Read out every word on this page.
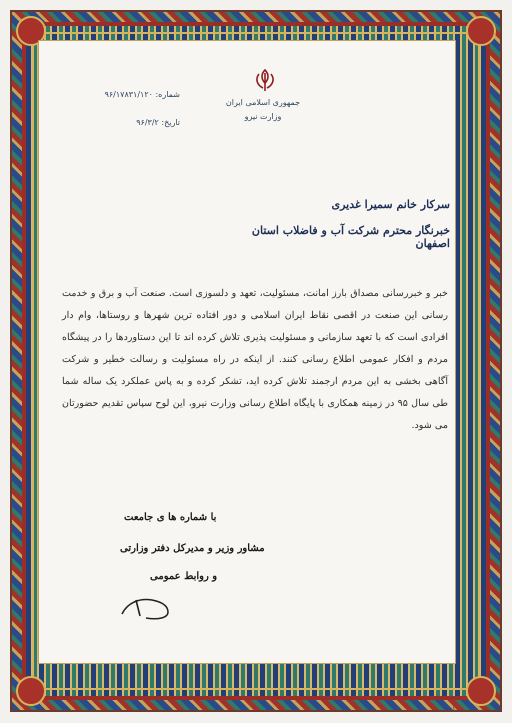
جمهوری اسلامی ایران
وزارت نیرو
شماره: ۹۶/۱۷۸۳۱/۱۲۰
تاریخ: ۹۶/۳/۲
سرکار خانم سمیرا غدیری
خبرنگار محترم شرکت آب و فاضلاب استان اصفهان
خبر و خبررسانی مصداق بارز امانت، مسئولیت، تعهد و دلسوزی است. صنعت آب و برق و خدمت رسانی این صنعت در اقصی نقاط ایران اسلامی و دور افتاده ترین شهرها و روستاها، وام دار افرادی است که با تعهد سازمانی و مسئولیت پذیری تلاش کرده اند تا این دستاوردها را در پیشگاه مردم و افکار عمومی اطلاع رسانی کنند. از اینکه در راه مسئولیت و رسالت خطیر و شرکت آگاهی بخشی به این مردم ارجمند تلاش کرده اید، تشکر کرده و به پاس عملکرد یک ساله شما طی سال ۹۵ در زمینه همکاری با پایگاه اطلاع رسانی وزارت نیرو، این لوح سپاس تقدیم حضورتان می شود.
با شماره ها ی جامعت
مشاور وزیر و مدیرکل دفتر وزارتی
و روابط عمومی
۱
